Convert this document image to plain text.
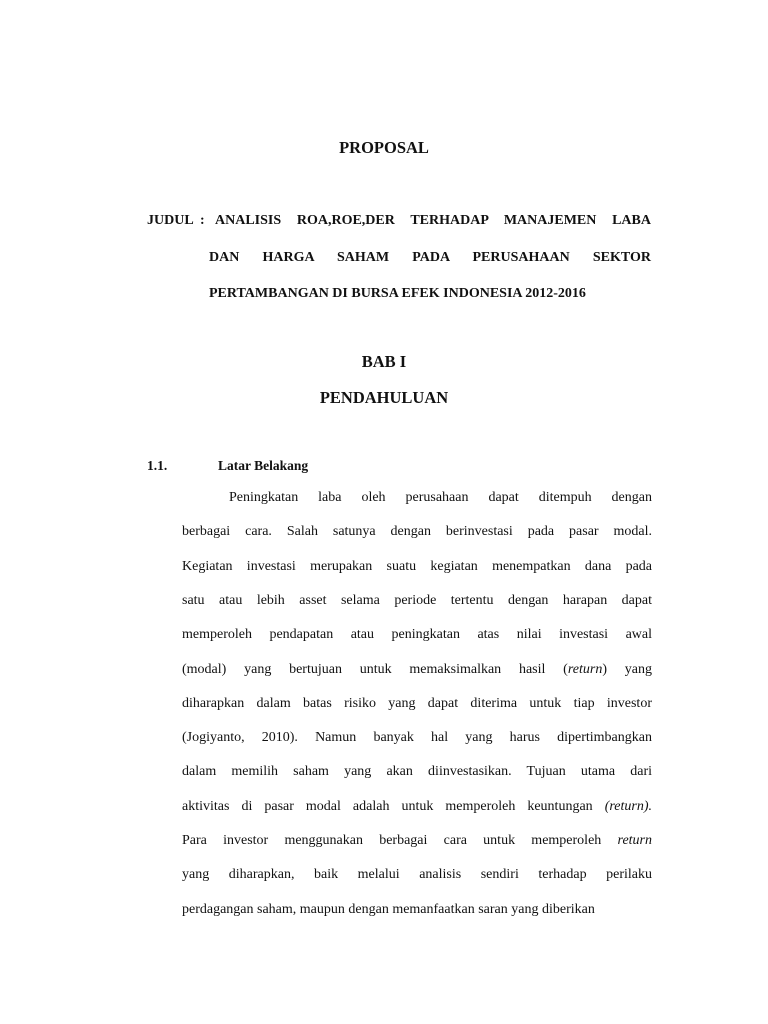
PROPOSAL
JUDUL : ANALISIS ROA,ROE,DER TERHADAP MANAJEMEN LABA
DAN HARGA SAHAM PADA PERUSAHAAN SEKTOR
PERTAMBANGAN DI BURSA EFEK INDONESIA 2012-2016
BAB I
PENDAHULUAN
1.1.	Latar Belakang
Peningkatan laba oleh perusahaan dapat ditempuh dengan
berbagai cara. Salah satunya dengan berinvestasi pada pasar modal.
Kegiatan investasi merupakan suatu kegiatan menempatkan dana pada
satu atau lebih asset selama periode tertentu dengan harapan dapat
memperoleh pendapatan atau peningkatan atas nilai investasi awal
(modal) yang bertujuan untuk memaksimalkan hasil (return) yang
diharapkan dalam batas risiko yang dapat diterima untuk tiap investor
(Jogiyanto, 2010). Namun banyak hal yang harus dipertimbangkan
dalam memilih saham yang akan diinvestasikan. Tujuan utama dari
aktivitas di pasar modal adalah untuk memperoleh keuntungan (return).
Para investor menggunakan berbagai cara untuk memperoleh return
yang diharapkan, baik melalui analisis sendiri terhadap perilaku
perdagangan saham, maupun dengan memanfaatkan saran yang diberikan
